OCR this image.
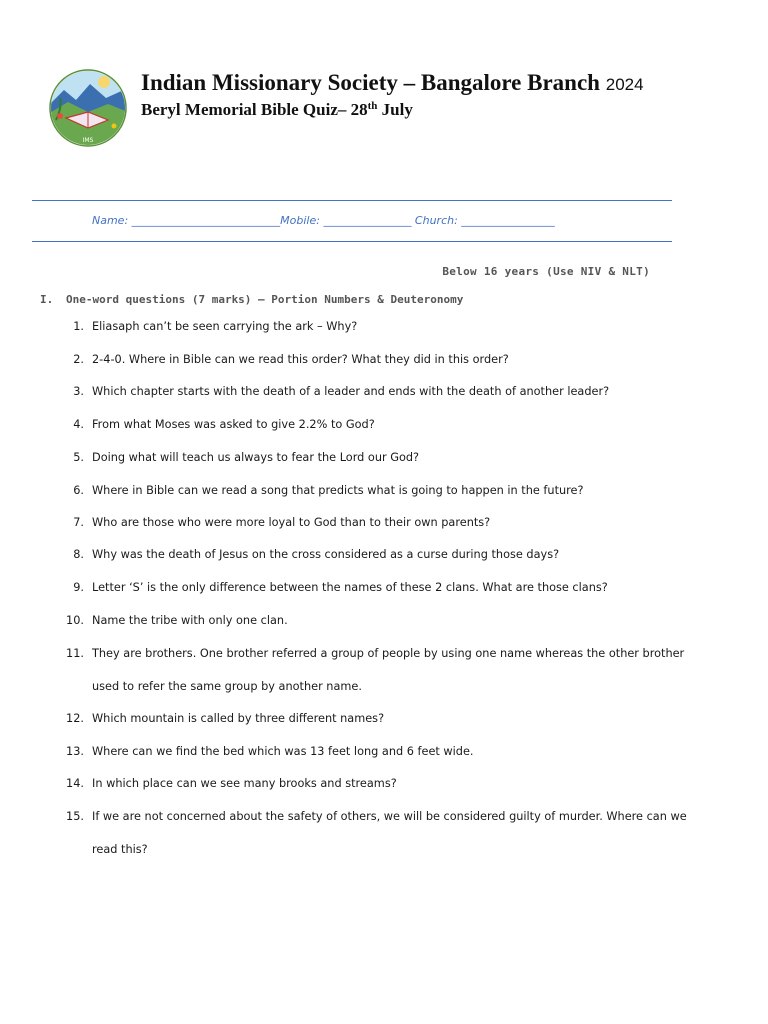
IMS
Indian Missionary Society – Bangalore Branch 2024
Beryl Memorial Bible Quiz– 28th July
Name: ___________________________Mobile: ________________ Church: _________________
Below 16 years (Use NIV & NLT)
I. One-word questions (7 marks) – Portion Numbers & Deuteronomy
1. Eliasaph can’t be seen carrying the ark – Why?
2. 2-4-0. Where in Bible can we read this order? What they did in this order?
3. Which chapter starts with the death of a leader and ends with the death of another leader?
4. From what Moses was asked to give 2.2% to God?
5. Doing what will teach us always to fear the Lord our God?
6. Where in Bible can we read a song that predicts what is going to happen in the future?
7. Who are those who were more loyal to God than to their own parents?
8. Why was the death of Jesus on the cross considered as a curse during those days?
9. Letter ‘S’ is the only difference between the names of these 2 clans. What are those clans?
10. Name the tribe with only one clan.
11. They are brothers. One brother referred a group of people by using one name whereas the other brother
used to refer the same group by another name.
12. Which mountain is called by three different names?
13. Where can we find the bed which was 13 feet long and 6 feet wide.
14. In which place can we see many brooks and streams?
15. If we are not concerned about the safety of others, we will be considered guilty of murder. Where can we
read this?
